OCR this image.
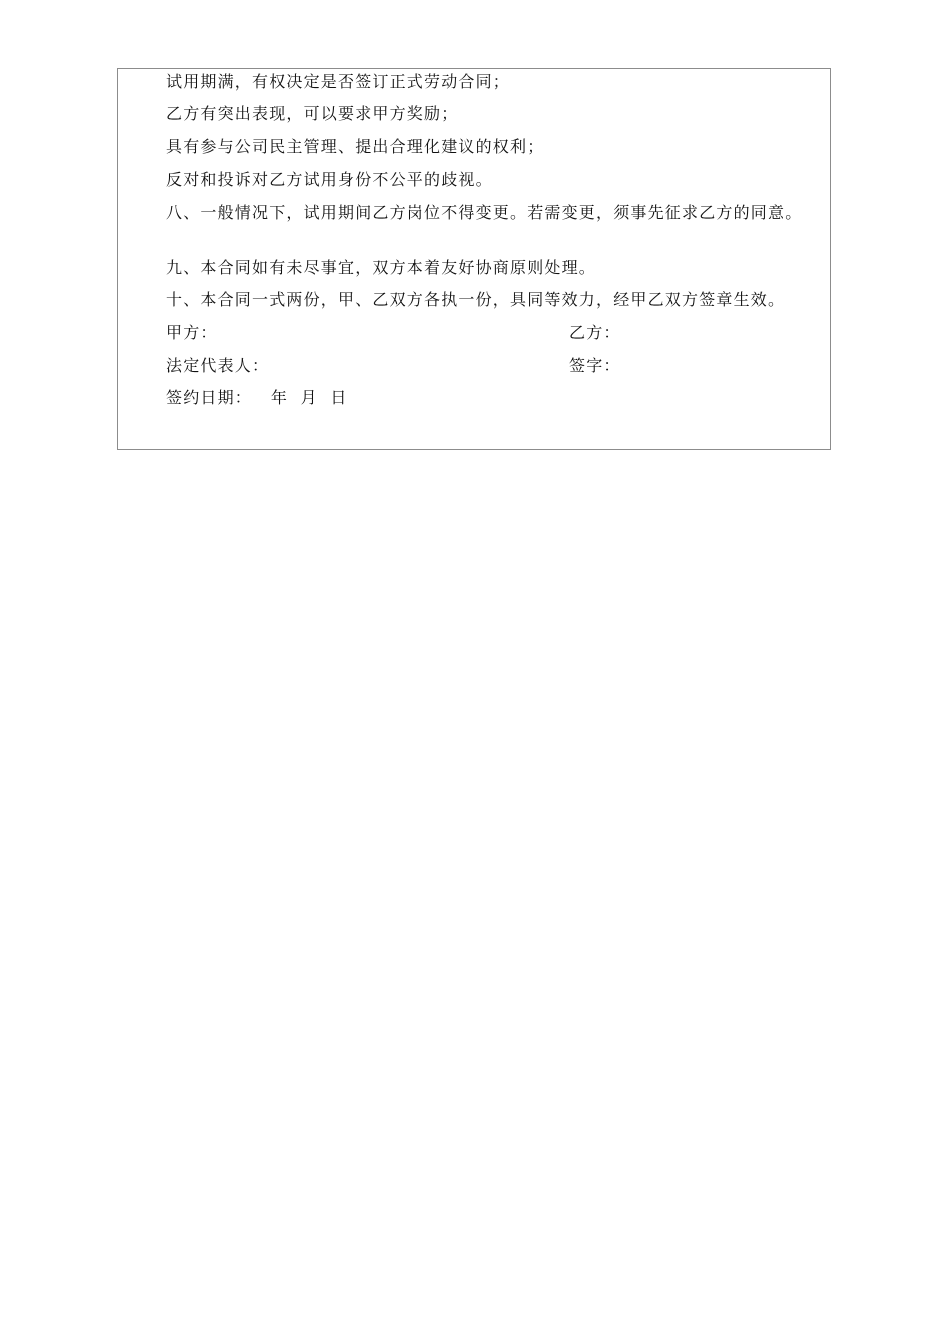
试用期满，有权决定是否签订正式劳动合同；
乙方有突出表现，可以要求甲方奖励；
具有参与公司民主管理、提出合理化建议的权利；
反对和投诉对乙方试用身份不公平的歧视。
八、一般情况下，试用期间乙方岗位不得变更。若需变更，须事先征求乙方的同意。
九、本合同如有未尽事宜，双方本着友好协商原则处理。
十、本合同一式两份，甲、乙双方各执一份，具同等效力，经甲乙双方签章生效。
甲方：	乙方：
法定代表人：	签字：
签约日期：   年  月  日
